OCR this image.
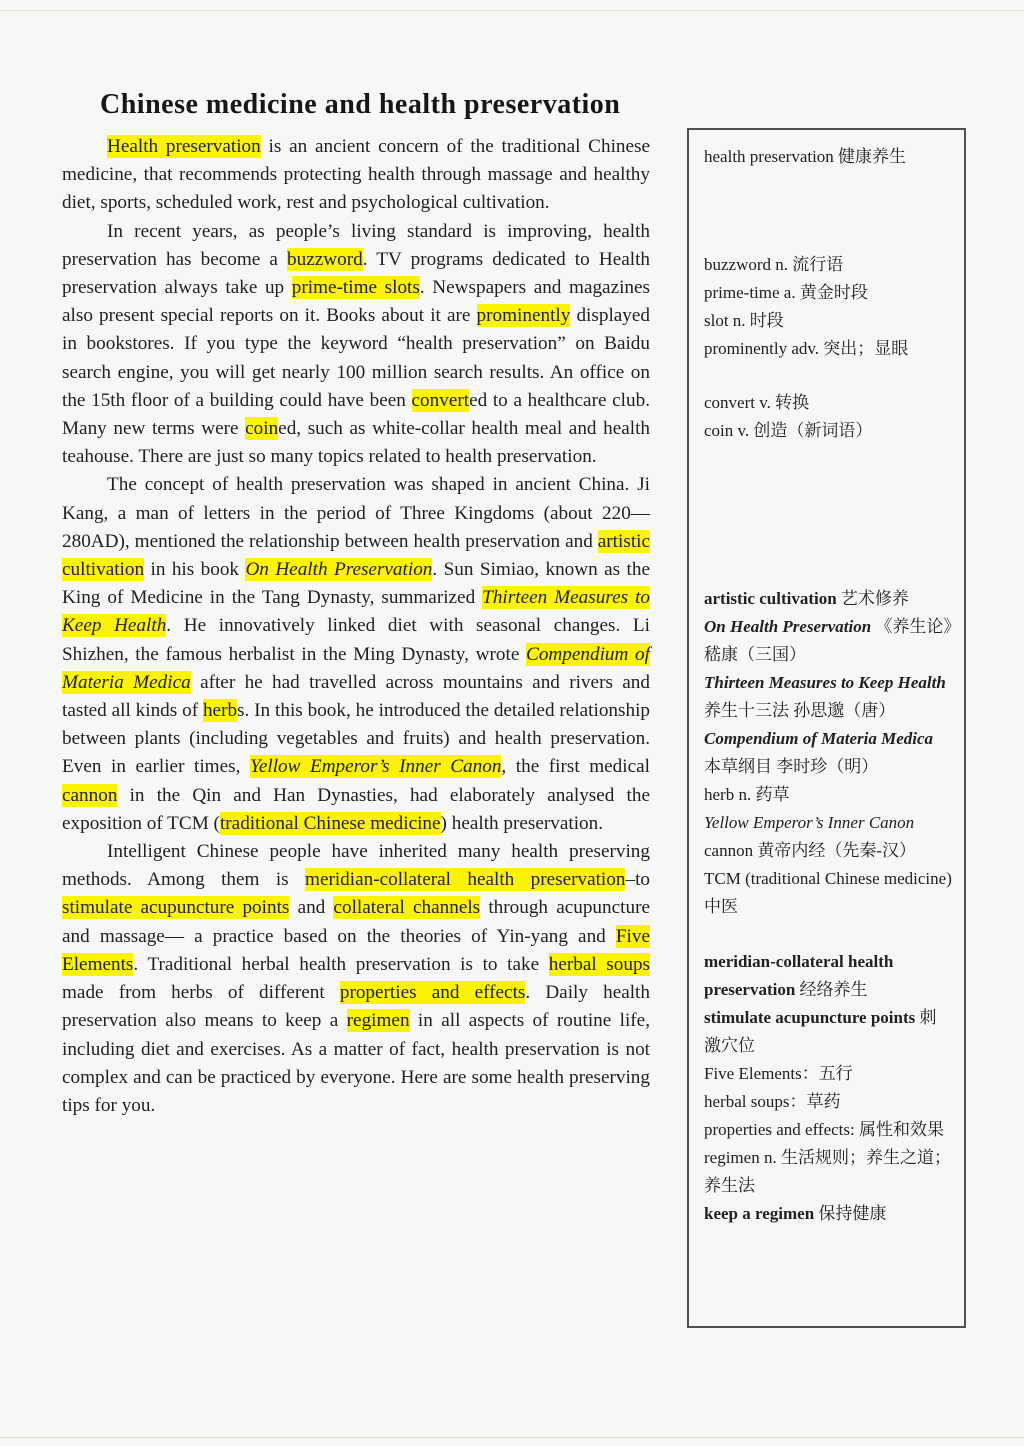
Chinese medicine and health preservation

Health preservation is an ancient concern of the traditional Chinese medicine, that recommends protecting health through massage and healthy diet, sports, scheduled work, rest and psychological cultivation.

In recent years, as people’s living standard is improving, health preservation has become a buzzword. TV programs dedicated to Health preservation always take up prime-time slots. Newspapers and magazines also present special reports on it. Books about it are prominently displayed in bookstores. If you type the keyword “health preservation” on Baidu search engine, you will get nearly 100 million search results. An office on the 15th floor of a building could have been converted to a healthcare club. Many new terms were coined, such as white-collar health meal and health teahouse. There are just so many topics related to health preservation.

The concept of health preservation was shaped in ancient China. Ji Kang, a man of letters in the period of Three Kingdoms (about 220—280AD), mentioned the relationship between health preservation and artistic cultivation in his book On Health Preservation. Sun Simiao, known as the King of Medicine in the Tang Dynasty, summarized Thirteen Measures to Keep Health. He innovatively linked diet with seasonal changes. Li Shizhen, the famous herbalist in the Ming Dynasty, wrote Compendium of Materia Medica after he had travelled across mountains and rivers and tasted all kinds of herbs. In this book, he introduced the detailed relationship between plants (including vegetables and fruits) and health preservation. Even in earlier times, Yellow Emperor’s Inner Canon, the first medical cannon in the Qin and Han Dynasties, had elaborately analysed the exposition of TCM (traditional Chinese medicine) health preservation.

Intelligent Chinese people have inherited many health preserving methods. Among them is meridian-collateral health preservation–to stimulate acupuncture points and collateral channels through acupuncture and massage— a practice based on the theories of Yin-yang and Five Elements. Traditional herbal health preservation is to take herbal soups made from herbs of different properties and effects. Daily health preservation also means to keep a regimen in all aspects of routine life, including diet and exercises. As a matter of fact, health preservation is not complex and can be practiced by everyone. Here are some health preserving tips for you.

health preservation 健康养生
buzzword n. 流行语
prime-time a. 黄金时段
slot n. 时段
prominently adv. 突出；显眼
convert v. 转换
coin v. 创造（新词语）
artistic cultivation 艺术修养
On Health Preservation 《养生论》嵇康（三国）
Thirteen Measures to Keep Health 养生十三法 孙思邈（唐）
Compendium of Materia Medica 本草纲目 李时珍（明）
herb n. 药草
Yellow Emperor’s Inner Canon cannon 黄帝内经（先秦-汉）
TCM (traditional Chinese medicine) 中医
meridian-collateral health preservation 经络养生
stimulate acupuncture points 刺激穴位
Five Elements：五行
herbal soups：草药
properties and effects: 属性和效果
regimen n. 生活规则；养生之道；养生法
keep a regimen 保持健康
